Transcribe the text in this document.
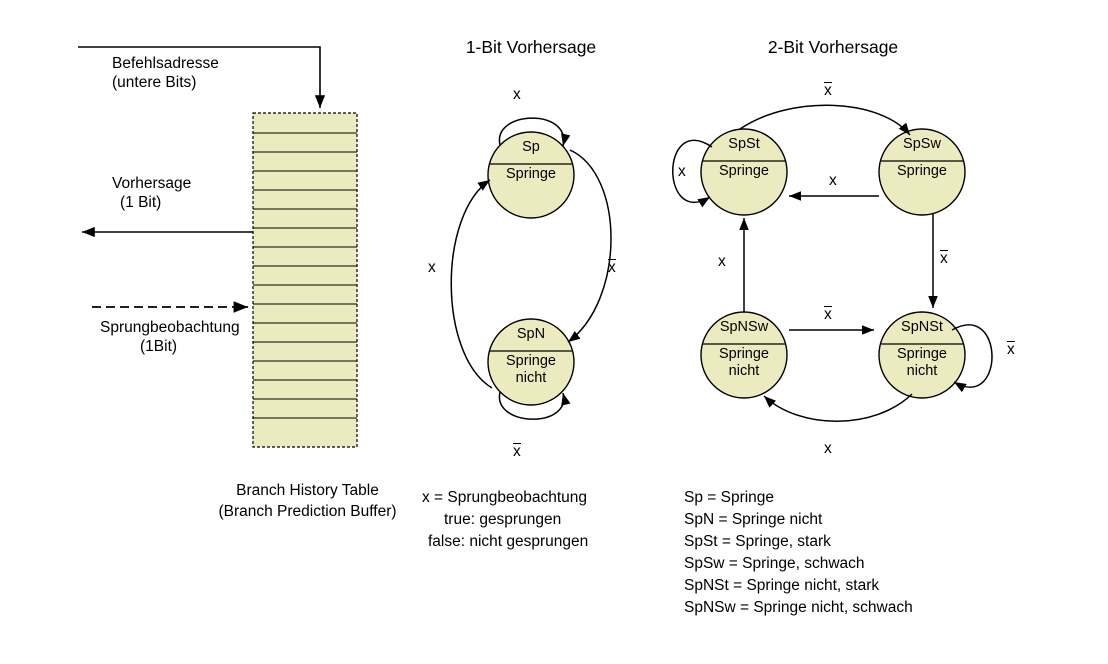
Befehlsadresse
(untere Bits)
Vorhersage
(1 Bit)
Sprungbeobachtung
(1Bit)
Branch History Table
(Branch Prediction Buffer)
1-Bit Vorhersage
Sp
Springe
SpN
Springe
nicht
x
x
x
x
x = Sprungbeobachtung
true: gesprungen
false: nicht gesprungen
2-Bit Vorhersage
SpSt
Springe
SpSw
Springe
SpNSw
Springe
nicht
SpNSt
Springe
nicht
x
x
x
x
x
x
x
x
Sp = Springe
SpN = Springe nicht
SpSt = Springe, stark
SpSw = Springe, schwach
SpNSt = Springe nicht, stark
SpNSw = Springe nicht, schwach
